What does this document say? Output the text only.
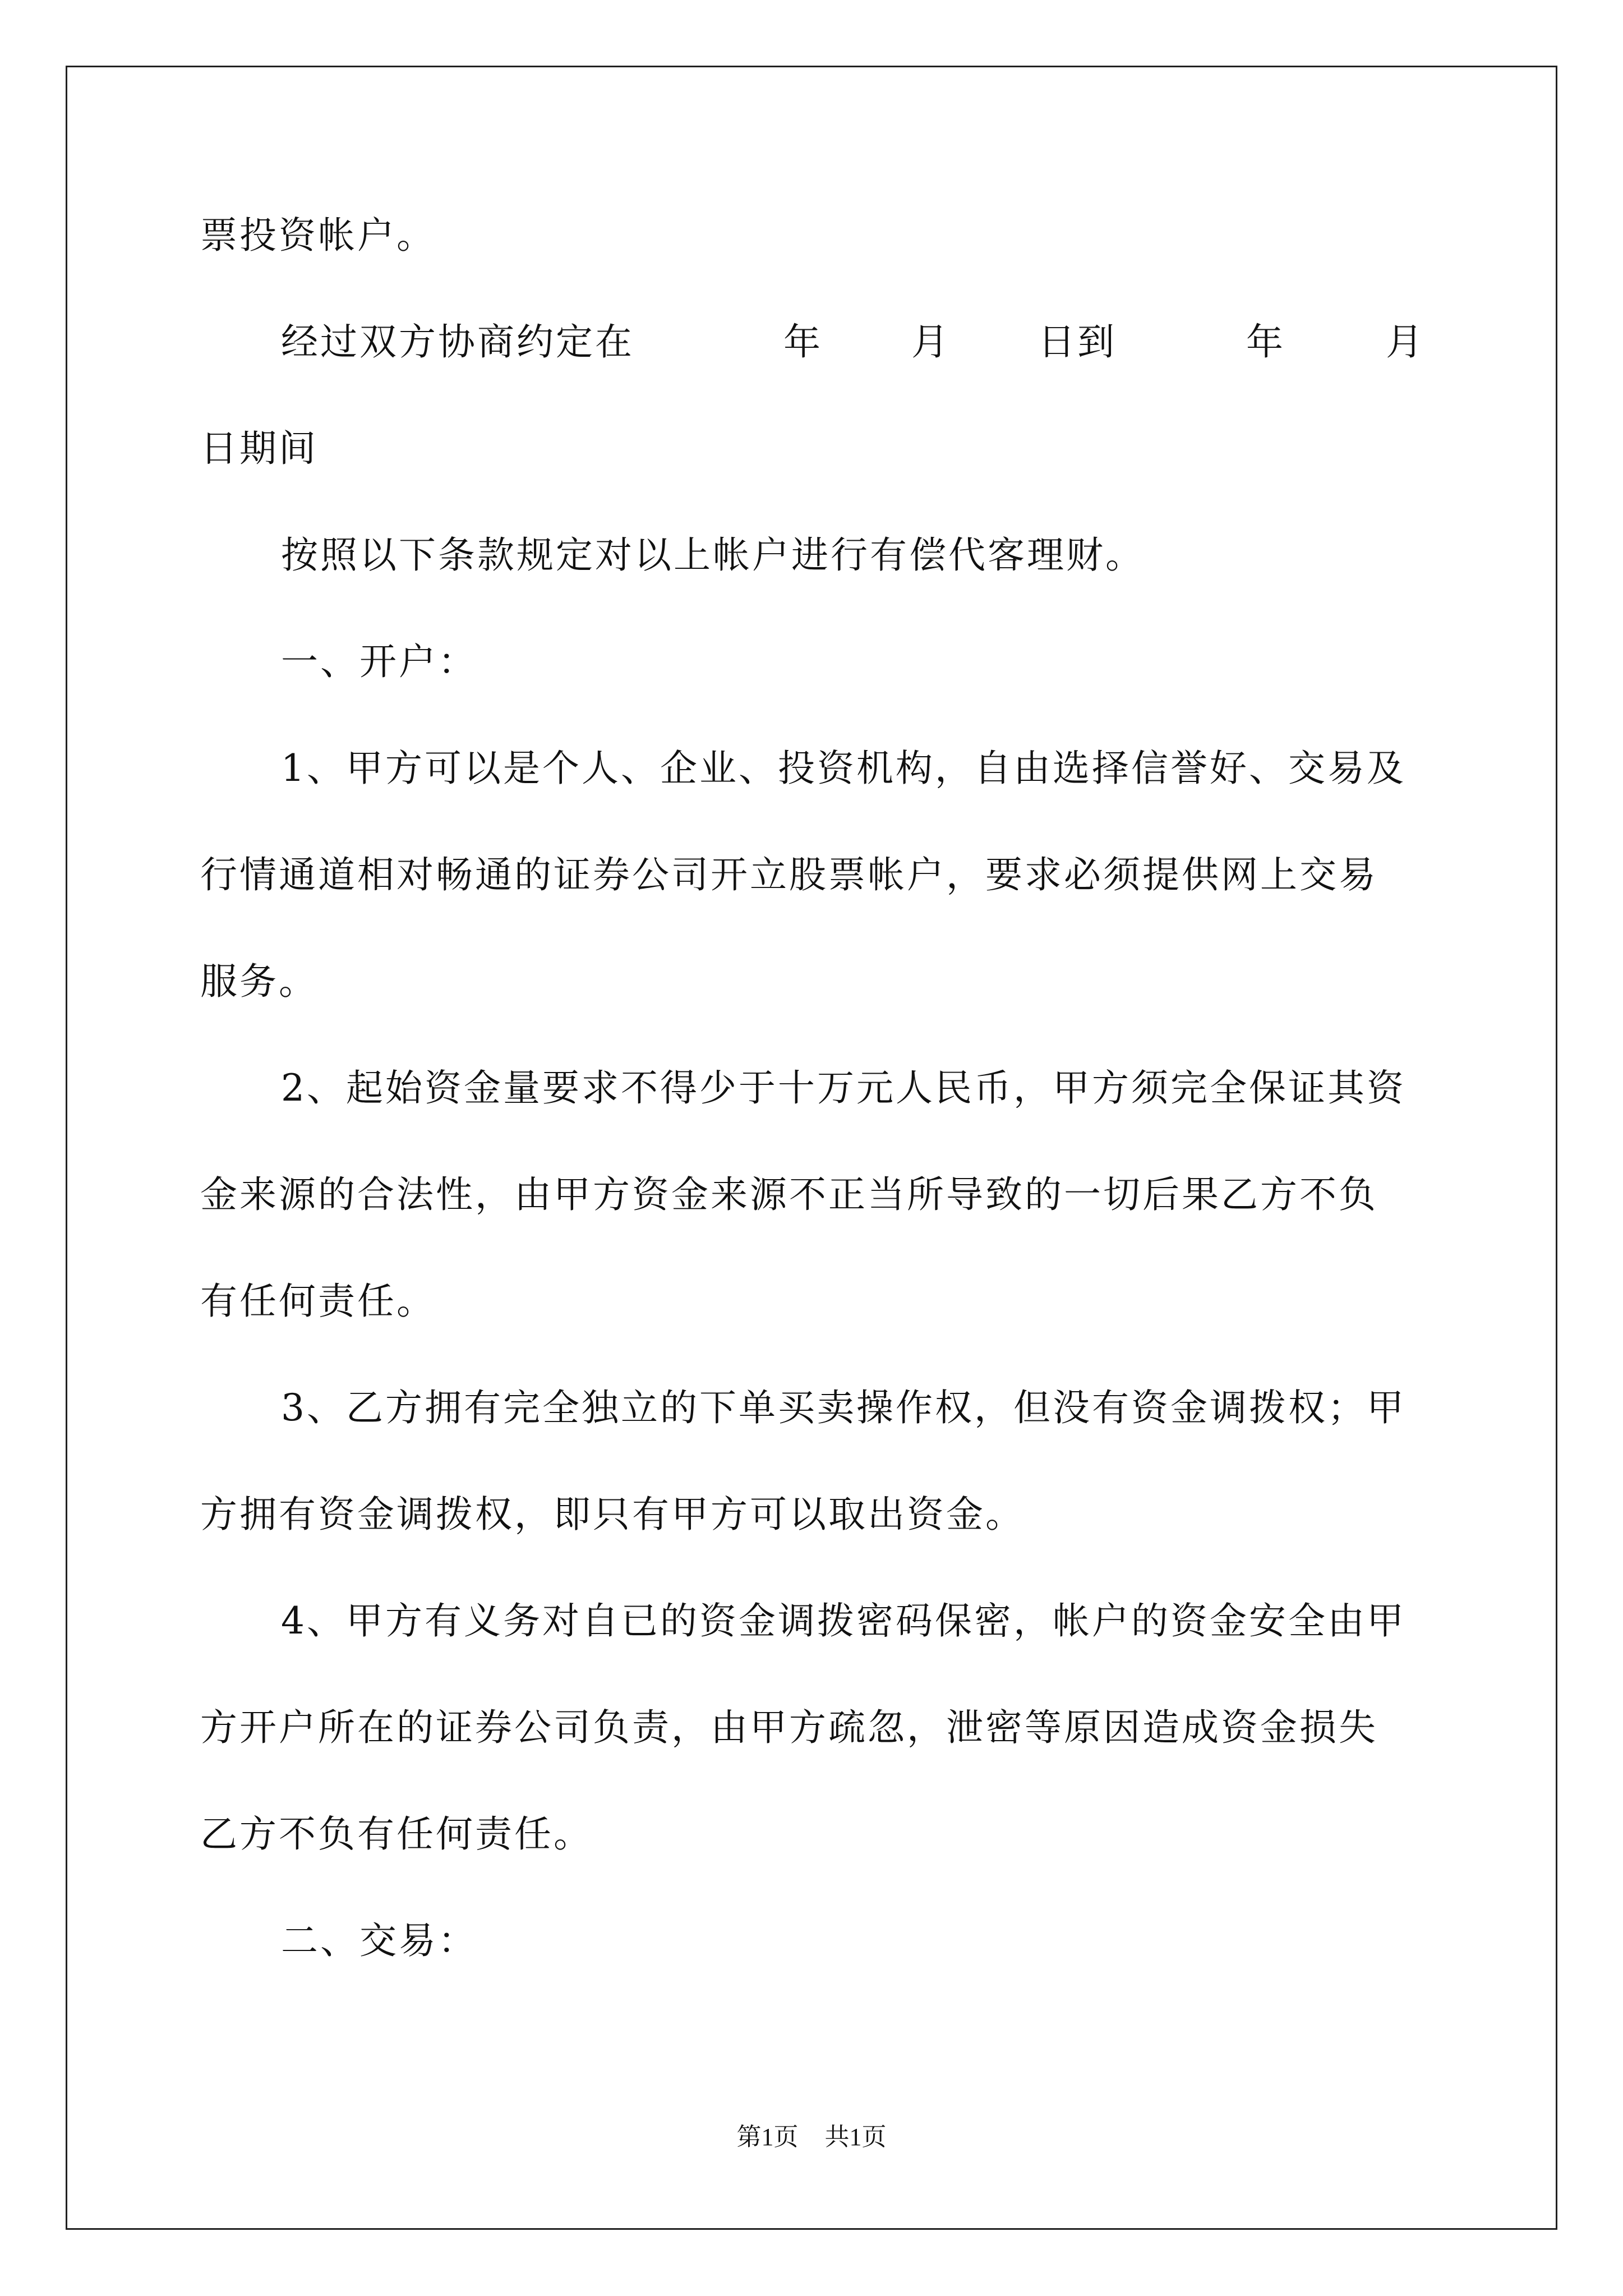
票投资帐户。

经过双方协商约定在	年 月 日到	年	月

日期间

按照以下条款规定对以上帐户进行有偿代客理财。

一、开户：

1、甲方可以是个人、企业、投资机构，自由选择信誉好、交易及

行情通道相对畅通的证券公司开立股票帐户，要求必须提供网上交易

服务。

2、起始资金量要求不得少于十万元人民币，甲方须完全保证其资

金来源的合法性，由甲方资金来源不正当所导致的一切后果乙方不负

有任何责任。

3、乙方拥有完全独立的下单买卖操作权，但没有资金调拨权；甲

方拥有资金调拨权，即只有甲方可以取出资金。

4、甲方有义务对自已的资金调拨密码保密，帐户的资金安全由甲

方开户所在的证券公司负责，由甲方疏忽，泄密等原因造成资金损失

乙方不负有任何责任。

二、交易：

第1页 共1页
